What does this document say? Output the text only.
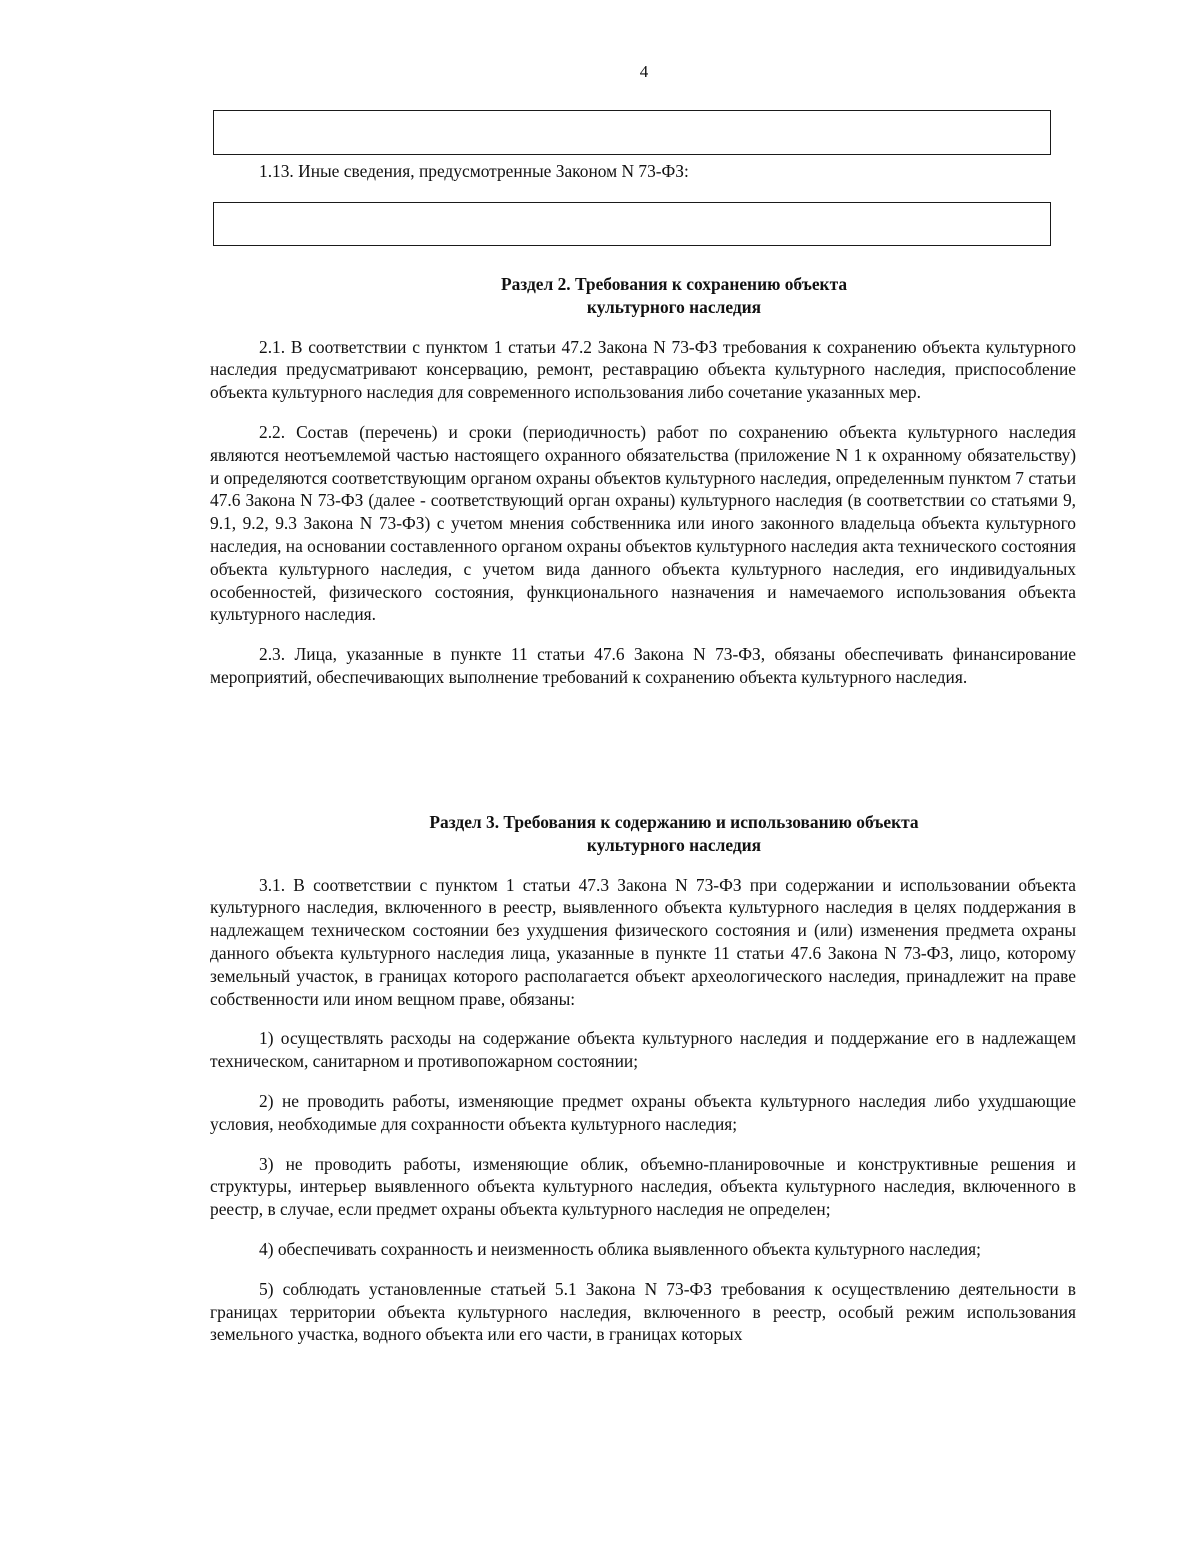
4

1.13. Иные сведения, предусмотренные Законом N 73-ФЗ:

Раздел 2. Требования к сохранению объекта
культурного наследия

2.1. В соответствии с пунктом 1 статьи 47.2 Закона N 73-ФЗ требования к сохранению объекта культурного наследия предусматривают консервацию, ремонт, реставрацию объекта культурного наследия, приспособление объекта культурного наследия для современного использования либо сочетание указанных мер.

2.2. Состав (перечень) и сроки (периодичность) работ по сохранению объекта культурного наследия являются неотъемлемой частью настоящего охранного обязательства (приложение N 1 к охранному обязательству) и определяются соответствующим органом охраны объектов культурного наследия, определенным пунктом 7 статьи 47.6 Закона N 73-ФЗ (далее - соответствующий орган охраны) культурного наследия (в соответствии со статьями 9, 9.1, 9.2, 9.3 Закона N 73-ФЗ) с учетом мнения собственника или иного законного владельца объекта культурного наследия, на основании составленного органом охраны объектов культурного наследия акта технического состояния объекта культурного наследия, с учетом вида данного объекта культурного наследия, его индивидуальных особенностей, физического состояния, функционального назначения и намечаемого использования объекта культурного наследия.

2.3. Лица, указанные в пункте 11 статьи 47.6 Закона N 73-ФЗ, обязаны обеспечивать финансирование мероприятий, обеспечивающих выполнение требований к сохранению объекта культурного наследия.

Раздел 3. Требования к содержанию и использованию объекта
культурного наследия

3.1. В соответствии с пунктом 1 статьи 47.3 Закона N 73-ФЗ при содержании и использовании объекта культурного наследия, включенного в реестр, выявленного объекта культурного наследия в целях поддержания в надлежащем техническом состоянии без ухудшения физического состояния и (или) изменения предмета охраны данного объекта культурного наследия лица, указанные в пункте 11 статьи 47.6 Закона N 73-ФЗ, лицо, которому земельный участок, в границах которого располагается объект археологического наследия, принадлежит на праве собственности или ином вещном праве, обязаны:

1) осуществлять расходы на содержание объекта культурного наследия и поддержание его в надлежащем техническом, санитарном и противопожарном состоянии;

2) не проводить работы, изменяющие предмет охраны объекта культурного наследия либо ухудшающие условия, необходимые для сохранности объекта культурного наследия;

3) не проводить работы, изменяющие облик, объемно-планировочные и конструктивные решения и структуры, интерьер выявленного объекта культурного наследия, объекта культурного наследия, включенного в реестр, в случае, если предмет охраны объекта культурного наследия не определен;

4) обеспечивать сохранность и неизменность облика выявленного объекта культурного наследия;

5) соблюдать установленные статьей 5.1 Закона N 73-ФЗ требования к осуществлению деятельности в границах территории объекта культурного наследия, включенного в реестр, особый режим использования земельного участка, водного объекта или его части, в границах которых
